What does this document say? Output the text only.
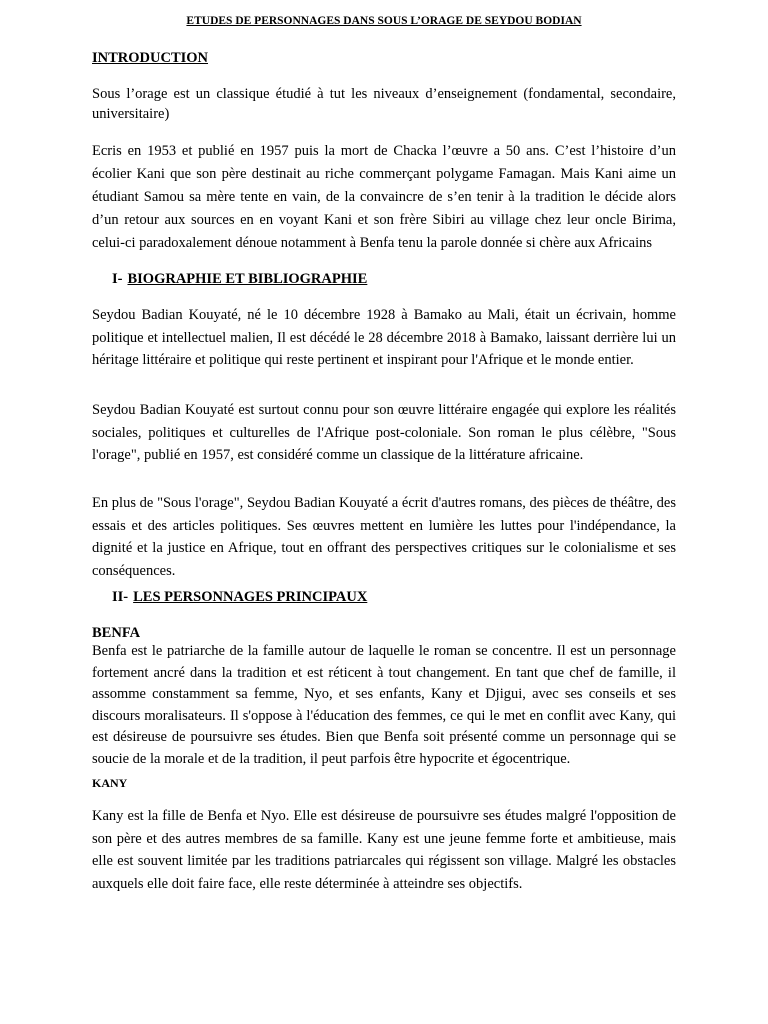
ETUDES DE PERSONNAGES DANS SOUS L’ORAGE DE SEYDOU BODIAN
INTRODUCTION

Sous l’orage est un classique étudié à tut les niveaux d’enseignement (fondamental, secondaire, universitaire)

Ecris en 1953 et publié en 1957 puis la mort de Chacka l’œuvre a 50 ans. C’est l’histoire d’un écolier Kani que son père destinait au riche commerçant polygame Famagan. Mais Kani aime un étudiant Samou sa mère tente en vain, de la convaincre de s’en tenir à la tradition le décide alors d’un retour aux sources en en voyant Kani et son frère Sibiri au village chez leur oncle Birima, celui-ci paradoxalement dénoue notamment à Benfa tenu la parole donnée si chère aux Africains

I- BIOGRAPHIE ET BIBLIOGRAPHIE

Seydou Badian Kouyaté, né le 10 décembre 1928 à Bamako au Mali, était un écrivain, homme politique et intellectuel malien, Il est décédé le 28 décembre 2018 à Bamako, laissant derrière lui un héritage littéraire et politique qui reste pertinent et inspirant pour l'Afrique et le monde entier.

Seydou Badian Kouyaté est surtout connu pour son œuvre littéraire engagée qui explore les réalités sociales, politiques et culturelles de l'Afrique post-coloniale. Son roman le plus célèbre, "Sous l'orage", publié en 1957, est considéré comme un classique de la littérature africaine.

En plus de "Sous l'orage", Seydou Badian Kouyaté a écrit d'autres romans, des pièces de théâtre, des essais et des articles politiques. Ses œuvres mettent en lumière les luttes pour l'indépendance, la dignité et la justice en Afrique, tout en offrant des perspectives critiques sur le colonialisme et ses conséquences.

II- LES PERSONNAGES PRINCIPAUX
BENFA

Benfa est le patriarche de la famille autour de laquelle le roman se concentre. Il est un personnage fortement ancré dans la tradition et est réticent à tout changement. En tant que chef de famille, il assomme constamment sa femme, Nyo, et ses enfants, Kany et Djigui, avec ses conseils et ses discours moralisateurs. Il s'oppose à l'éducation des femmes, ce qui le met en conflit avec Kany, qui est désireuse de poursuivre ses études. Bien que Benfa soit présenté comme un personnage qui se soucie de la morale et de la tradition, il peut parfois être hypocrite et égocentrique.

KANY

Kany est la fille de Benfa et Nyo. Elle est désireuse de poursuivre ses études malgré l'opposition de son père et des autres membres de sa famille. Kany est une jeune femme forte et ambitieuse, mais elle est souvent limitée par les traditions patriarcales qui régissent son village. Malgré les obstacles auxquels elle doit faire face, elle reste déterminée à atteindre ses objectifs.
